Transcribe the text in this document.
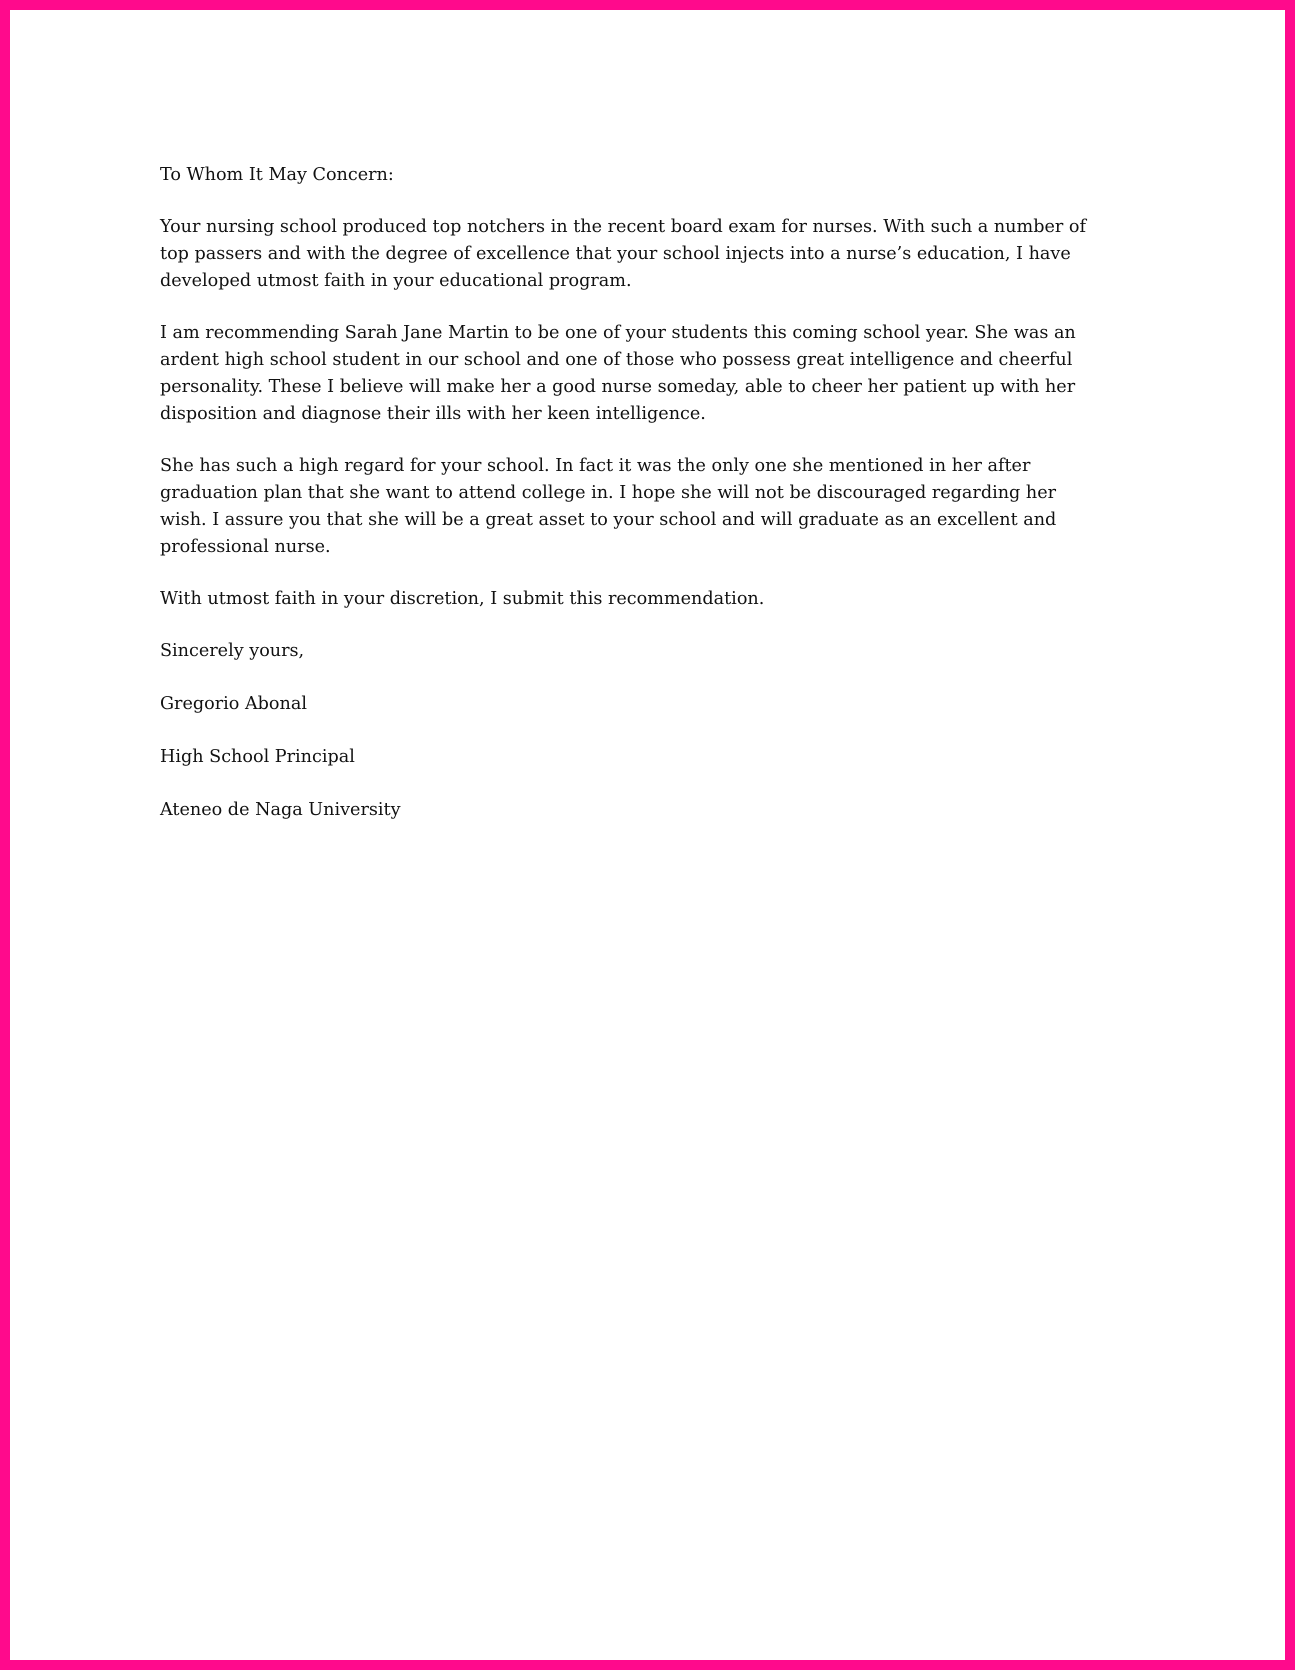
To Whom It May Concern:

Your nursing school produced top notchers in the recent board exam for nurses. With such a number of top passers and with the degree of excellence that your school injects into a nurse’s education, I have developed utmost faith in your educational program.

I am recommending Sarah Jane Martin to be one of your students this coming school year. She was an ardent high school student in our school and one of those who possess great intelligence and cheerful personality. These I believe will make her a good nurse someday, able to cheer her patient up with her disposition and diagnose their ills with her keen intelligence.

She has such a high regard for your school. In fact it was the only one she mentioned in her after graduation plan that she want to attend college in. I hope she will not be discouraged regarding her wish. I assure you that she will be a great asset to your school and will graduate as an excellent and professional nurse.

With utmost faith in your discretion, I submit this recommendation.

Sincerely yours,

Gregorio Abonal

High School Principal

Ateneo de Naga University
